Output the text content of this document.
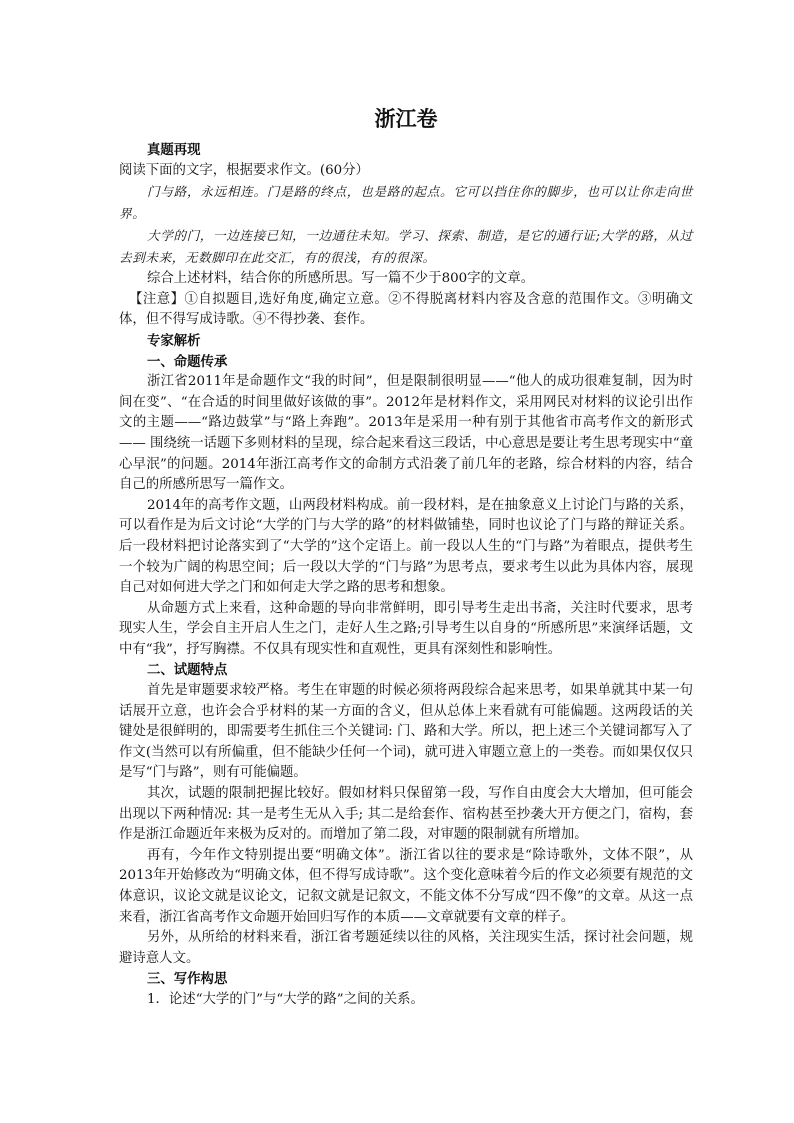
浙江卷

真题再现

阅读下面的文字，根据要求作文。(60分）

门与路，永远相连。门是路的终点，也是路的起点。它可以挡住你的脚步，也可以让你走向世界。

大学的门，一边连接已知，一边通往未知。学习、探索、制造，是它的通行证;大学的路，从过去到未来，无数脚印在此交汇，有的很浅，有的很深。

综合上述材料，结合你的所感所思。写一篇不少于800字的文章。

【注意】①自拟题目,选好角度,确定立意。②不得脱离材料内容及含意的范围作文。③明确文体，但不得写成诗歌。④不得抄袭、套作。

专家解析

一、命题传承

浙江省2011年是命题作文“我的时间”，但是限制很明显——“他人的成功很难复制，因为时间在变”、“在合适的时间里做好该做的事”。2012年是材料作文，采用网民对材料的议论引出作文的主题——“路边鼓掌”与“路上奔跑”。2013年是采用一种有别于其他省市高考作文的新形式—— 围绕统一话题下多则材料的呈现，综合起来看这三段话，中心意思是要让考生思考现实中“童心早泯”的问题。2014年浙江高考作文的命制方式沿袭了前几年的老路，综合材料的内容，结合自己的所感所思写一篇作文。

2014年的高考作文题，山两段材料构成。前一段材料，是在抽象意义上讨论门与路的关系，可以看作是为后文讨论“大学的门与大学的路”的材料做铺垫，同时也议论了门与路的辩证关系。后一段材料把讨论落实到了“大学的”这个定语上。前一段以人生的“门与路”为着眼点，提供考生一个较为广阔的构思空间；后一段以大学的“门与路”为思考点，要求考生以此为具体内容，展现自己对如何进大学之门和如何走大学之路的思考和想象。

从命题方式上来看，这种命题的导向非常鲜明，即引导考生走出书斋，关注时代要求，思考现实人生，学会自主开启人生之门，走好人生之路;引导考生以自身的“所感所思”来演绎话题，文中有“我”，抒写胸襟。不仅具有现实性和直观性，更具有深刻性和影响性。

二、试题特点

首先是审题要求较严格。考生在审题的时候必须将两段综合起来思考，如果单就其中某一句话展开立意，也许会合乎材料的某一方面的含义，但从总体上来看就有可能偏题。这两段话的关键处是很鲜明的，即需要考生抓住三个关键词: 门、路和大学。所以，把上述三个关键词都写入了作文(当然可以有所偏重，但不能缺少任何一个词)，就可进入审题立意上的一类卷。而如果仅仅只是写“门与路”，则有可能偏题。

其次，试题的限制把握比较好。假如材料只保留第一段，写作自由度会大大增加，但可能会出现以下两种情况: 其一是考生无从入手; 其二是给套作、宿构甚至抄袭大开方便之门，宿构，套作是浙江命题近年来极为反对的。而增加了第二段，对审题的限制就有所增加。

再有，今年作文特别提出要“明确文体”。浙江省以往的要求是“除诗歌外，文体不限”，从2013年开始修改为“明确文体，但不得写成诗歌”。这个变化意味着今后的作文必须要有规范的文体意识，议论文就是议论文，记叙文就是记叙文，不能文体不分写成“四不像”的文章。从这一点来看，浙江省高考作文命题开始回归写作的本质——文章就要有文章的样子。

另外，从所给的材料来看，浙江省考题延续以往的风格，关注现实生活，探讨社会问题，规避诗意人文。

三、写作构思

1．论述“大学的门”与“大学的路”之间的关系。
